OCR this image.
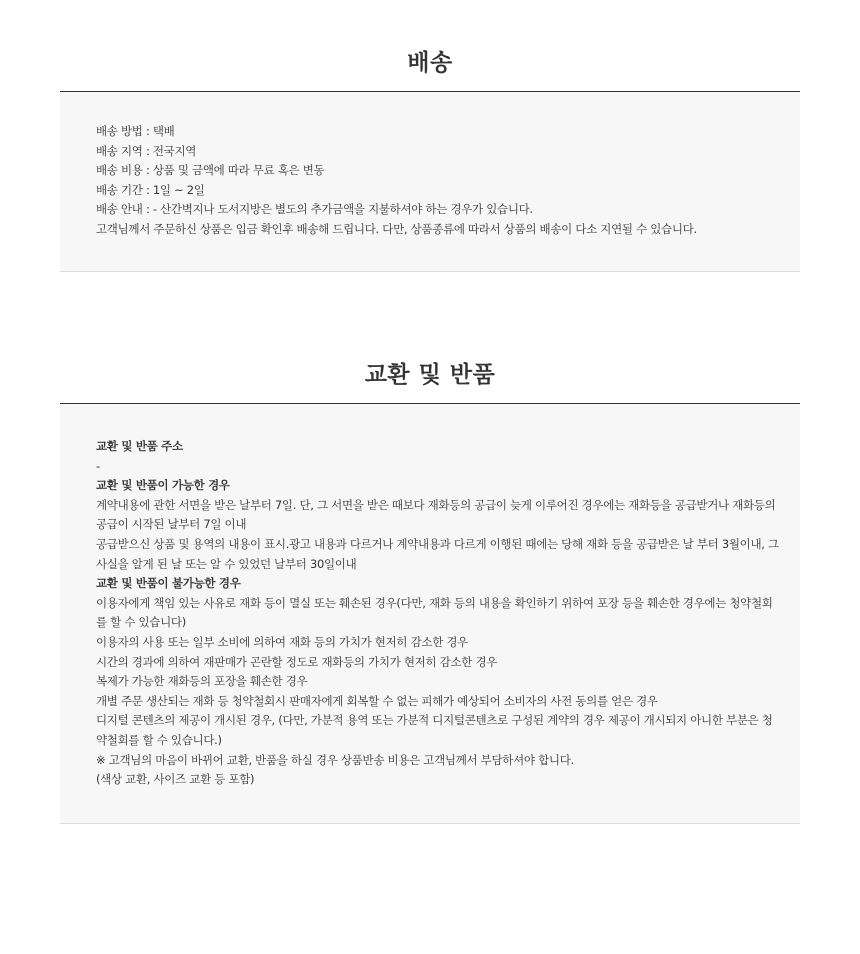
배송
배송 방법 : 택배
배송 지역 : 전국지역
배송 비용 : 상품 및 금액에 따라 무료 혹은 변동
배송 기간 : 1일 ~ 2일
배송 안내 : - 산간벽지나 도서지방은 별도의 추가금액을 지불하셔야 하는 경우가 있습니다.
고객님께서 주문하신 상품은 입금 확인후 배송해 드립니다. 다만, 상품종류에 따라서 상품의 배송이 다소 지연될 수 있습니다.
교환 및 반품
교환 및 반품 주소
-
교환 및 반품이 가능한 경우
계약내용에 관한 서면을 받은 날부터 7일. 단, 그 서면을 받은 때보다 재화등의 공급이 늦게 이루어진 경우에는 재화등을 공급받거나 재화등의 공급이 시작된 날부터 7일 이내
공급받으신 상품 및 용역의 내용이 표시.광고 내용과 다르거나 계약내용과 다르게 이행된 때에는 당해 재화 등을 공급받은 날 부터 3월이내, 그사실을 알게 된 날 또는 알 수 있었던 날부터 30일이내
교환 및 반품이 불가능한 경우
이용자에게 책임 있는 사유로 재화 등이 멸실 또는 훼손된 경우(다만, 재화 등의 내용을 확인하기 위하여 포장 등을 훼손한 경우에는 청약철회를 할 수 있습니다)
이용자의 사용 또는 일부 소비에 의하여 재화 등의 가치가 현저히 감소한 경우
시간의 경과에 의하여 재판매가 곤란할 정도로 재화등의 가치가 현저히 감소한 경우
복제가 가능한 재화등의 포장을 훼손한 경우
개별 주문 생산되는 재화 등 청약철회시 판매자에게 회복할 수 없는 피해가 예상되어 소비자의 사전 동의를 얻은 경우
디지털 콘텐츠의 제공이 개시된 경우, (다만, 가분적 용역 또는 가분적 디지털콘텐츠로 구성된 계약의 경우 제공이 개시되지 아니한 부분은 청약철회를 할 수 있습니다.)
※ 고객님의 마음이 바뀌어 교환, 반품을 하실 경우 상품반송 비용은 고객님께서 부담하셔야 합니다.
(색상 교환, 사이즈 교환 등 포함)
